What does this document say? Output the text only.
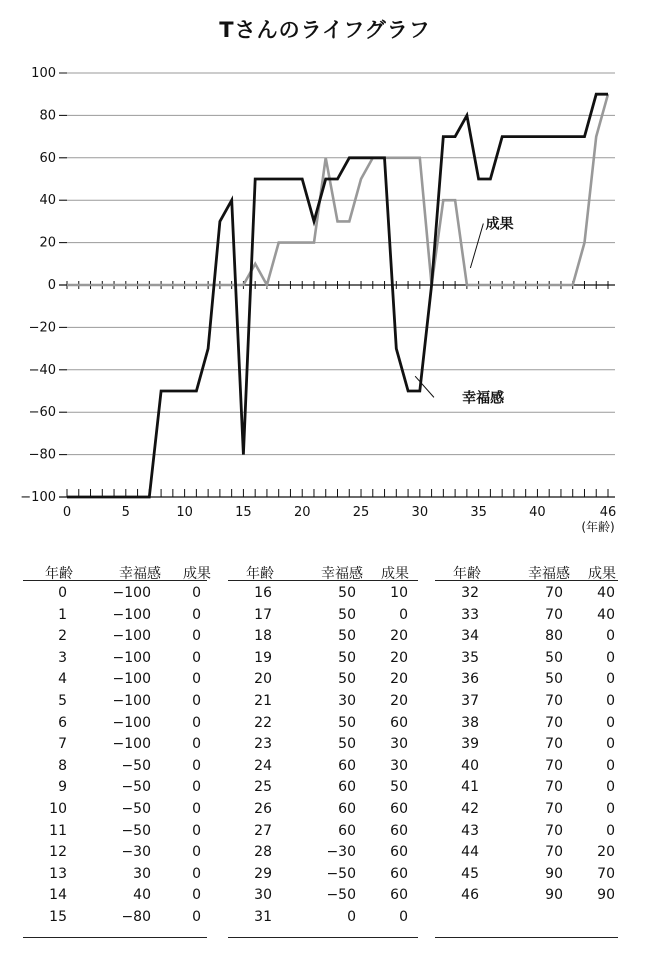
Tさんのライフグラフ
0	5	10	15	20	25	30	35	40	46
(年齢)
100
80
60
40
20
0
−20
−40
−60
−80
−100
成果
幸福感
年齢	幸福感 成果
0	−100	0
1	−100	0
2	−100	0
3	−100	0
4	−100	0
5	−100	0
6	−100	0
7	−100	0
8	−50	0
9	−50	0
10	−50	0
11	−50	0
12	−30	0
13	30	0
14	40	0
15	−80	0
年齢	幸福感 成果
16	50 10
17	50	0
18	50 20
19	50 20
20	50 20
21	30 20
22	50 60
23	50 30
24	60 30
25	60 50
26	60 60
27	60 60
28	−30 60
29	−50 60
30	−50 60
31	0	0
年齢	幸福感 成果
32	70 40
33	70 40
34	80	0
35	50	0
36	50	0
37	70	0
38	70	0
39	70	0
40	70	0
41	70	0
42	70	0
43	70	0
44	70 20
45	90 70
46	90 90
